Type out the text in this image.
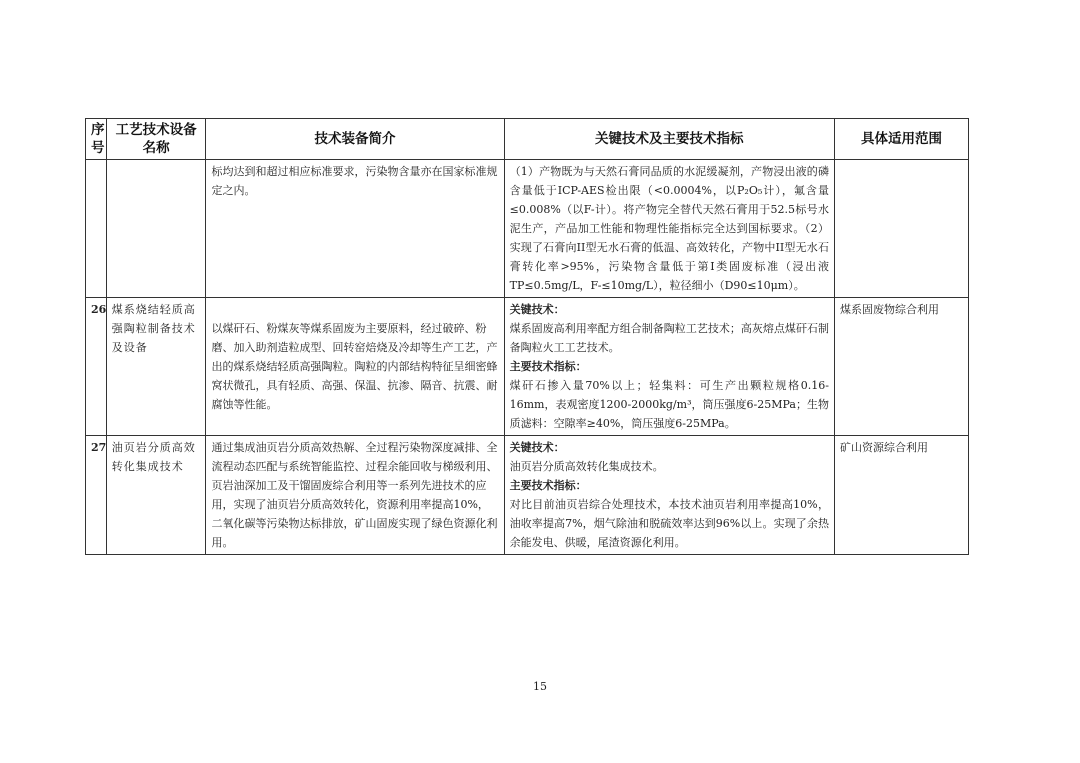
序号	工艺技术设备名称	技术装备简介	关键技术及主要技术指标	具体适用范围
		标均达到和超过相应标准要求，污染物含量亦在国家标准规定之内。	（1）产物既为与天然石膏同品质的水泥缓凝剂，产物浸出液的磷含量低于ICP-AES检出限（<0.0004%，以P₂O₅计），氟含量≤0.008%（以F-计）。将产物完全替代天然石膏用于52.5标号水泥生产，产品加工性能和物理性能指标完全达到国标要求。（2）实现了石膏向II型无水石膏的低温、高效转化，产物中II型无水石膏转化率>95%，污染物含量低于第I类固废标准（浸出液TP≤0.5mg/L，F-≤10mg/L），粒径细小（D90≤10μm）。	

26	煤系烧结轻质高强陶粒制备技术及设备	以煤矸石、粉煤灰等煤系固废为主要原料，经过破碎、粉磨、加入助剂造粒成型、回转窑焙烧及冷却等生产工艺，产出的煤系烧结轻质高强陶粒。陶粒的内部结构特征呈细密蜂窝状微孔，具有轻质、高强、保温、抗渗、隔音、抗震、耐腐蚀等性能。	关键技术：
煤系固废高利用率配方组合制备陶粒工艺技术；高灰熔点煤矸石制备陶粒火工工艺技术。
主要技术指标：
煤矸石掺入量70%以上；轻集料：可生产出颗粒规格0.16-16mm，表观密度1200-2000kg/m³，筒压强度6-25MPa；生物质滤料：空隙率≥40%，筒压强度6-25MPa。	煤系固废物综合利用
27	油页岩分质高效转化集成技术	通过集成油页岩分质高效热解、全过程污染物深度减排、全流程动态匹配与系统智能监控、过程余能回收与梯级利用、页岩油深加工及干馏固废综合利用等一系列先进技术的应用，实现了油页岩分质高效转化，资源利用率提高10%，二氧化碳等污染物达标排放，矿山固废实现了绿色资源化利用。	关键技术：
油页岩分质高效转化集成技术。
主要技术指标：
对比目前油页岩综合处理技术，本技术油页岩利用率提高10%，油收率提高7%，烟气除油和脱硫效率达到96%以上。实现了余热余能发电、供暖，尾渣资源化利用。	矿山资源综合利用
15
